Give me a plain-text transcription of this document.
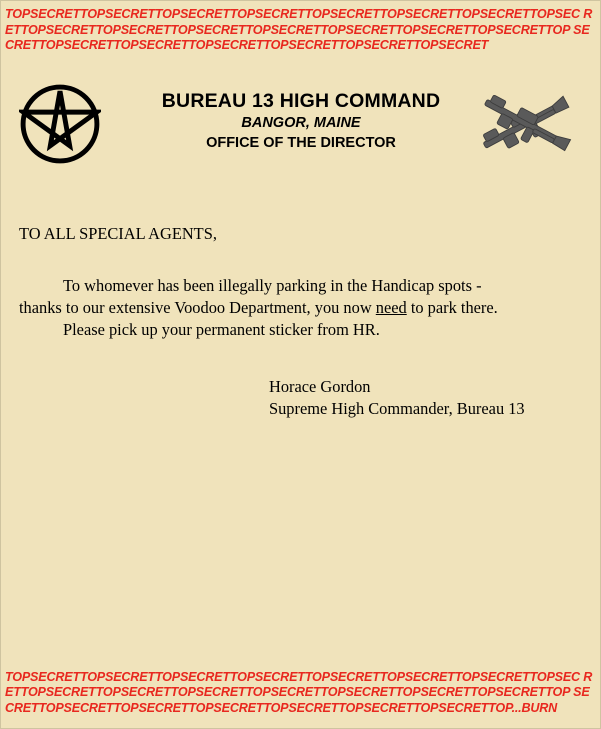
TOPSECRETTOPSECRETTOPSECRETTOPSECRETTOPSECRETTOPSECRETTOPSECRETTOPSEC RETTOPSECRETTOPSECRETTOPSECRETTOPSECRETTOPSECRETTOPSECRETTOPSECRETTOP SECRETTOPSECRETTOPSECRETTOPSECRETTOPSECRETTOPSECRETTOPSECRET
BUREAU 13 HIGH COMMAND
BANGOR, MAINE
OFFICE OF THE DIRECTOR

TO ALL SPECIAL AGENTS,

To whomever has been illegally parking in the Handicap spots -

thanks to our extensive Voodoo Department, you now need to park there.

Please pick up your permanent sticker from HR.

Horace Gordon

Supreme High Commander, Bureau 13

TOPSECRETTOPSECRETTOPSECRETTOPSECRETTOPSECRETTOPSECRETTOPSECRETTOPSEC RETTOPSECRETTOPSECRETTOPSECRETTOPSECRETTOPSECRETTOPSECRETTOPSECRETTOP SECRETTOPSECRETTOPSECRETTOPSECRETTOPSECRETTOPSECRETTOPSECRETTOP...BURN
